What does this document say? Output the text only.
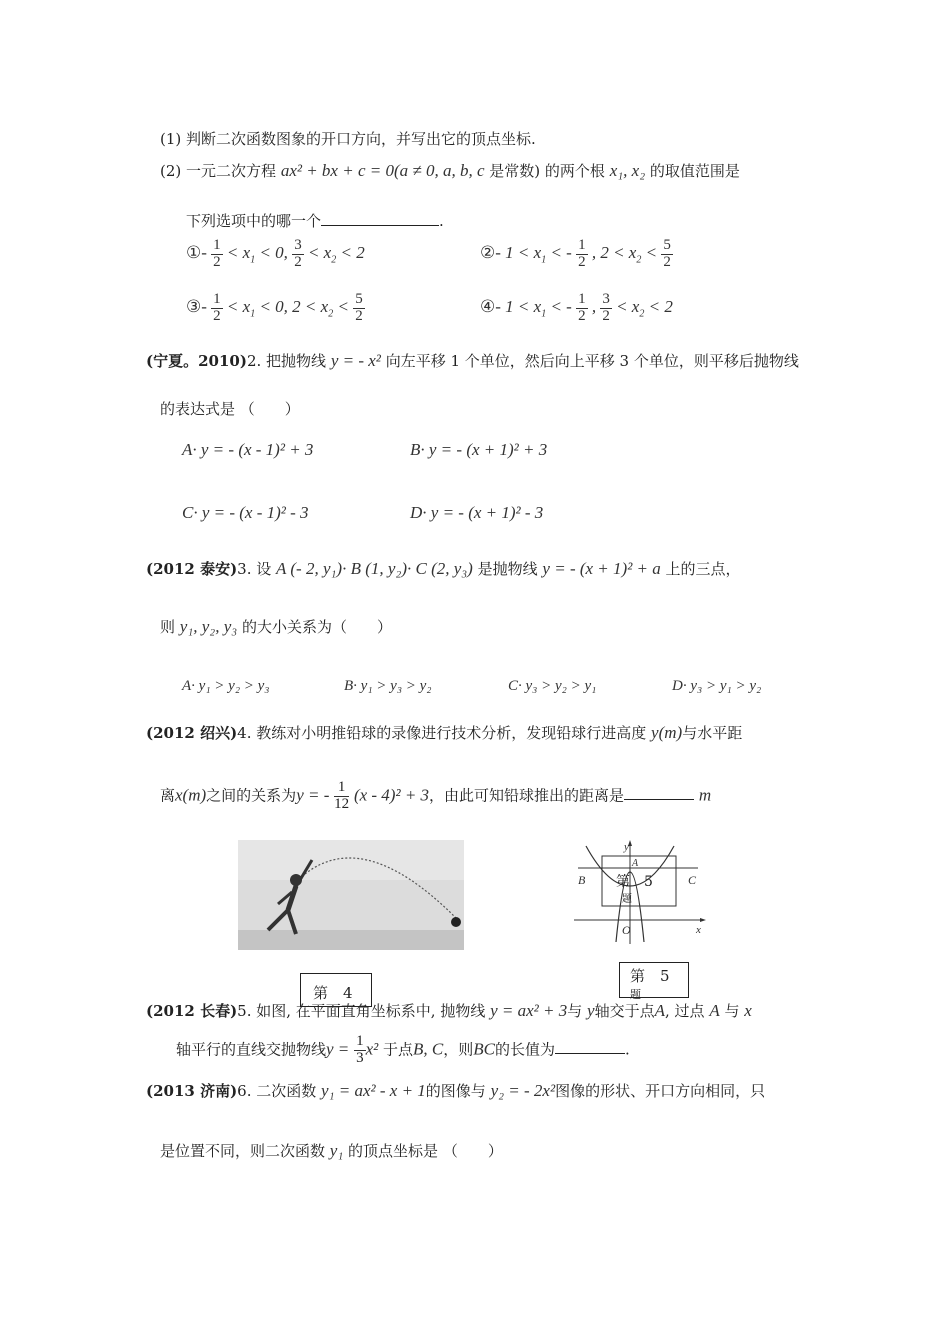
(1) 判断二次函数图象的开口方向，并写出它的顶点坐标.
(2) 一元二次方程 ax² + bx + c = 0(a ≠ 0, a, b, c 是常数) 的两个根 x₁, x₂ 的取值范围是
下列选项中的哪一个	.
①- $\frac{1}{2} < x_1 < 0$, $\frac{3}{2} < x_2 < 2$	②- $1 < x_1$ < - $\frac{1}{2}$ , $2 < x_2 < \frac{5}{2}$
③- $\frac{1}{2} < x_1 < 0$, $2 < x_2 < \frac{5}{2}$	④- $1 < x_1$ < - $\frac{1}{2}$ , $\frac{3}{2} < x_2 < 2$
(宁夏。2010)2. 把抛物线 y = - x² 向左平移 1 个单位，然后向上平移 3 个单位，则平移后抛物线
的表达式是 （　　）
A· y = - (x - 1)² + 3	B· y = - (x + 1)² + 3
C· y = - (x - 1)² - 3	D· y = - (x + 1)² - 3
(2012 泰安)3. 设 A (- 2, y₁)· B (1, y₂)· C (2, y₃) 是抛物线 y = - (x + 1)² + a 上的三点，
则 y₁, y₂, y₃ 的大小关系为（　　）
A· y₁ > y₂ > y₃	B· y₁ > y₃ > y₂	C· y₃ > y₂ > y₁	D· y₃ > y₁ > y₂
(2012 绍兴)4. 教练对小明推铅球的录像进行技术分析，发现铅球行进高度 y(m)与水平距
离x(m)之间的关系为y = - $\frac{1}{12} (x - 4)^2 + 3$，由此可知铅球推出的距离是	m
第　4
B	C
A
O	x
y
第　5
题
第　5
题
(2012 长春)5. 如图, 在平面直角坐标系中, 抛物线 y = ax² + 3与 y轴交于点A, 过点 A 与 x
轴平行的直线交抛物线$y = \frac{1}{3} x^2$ 于点B, C，则BC的长值为	.
(2013 济南)6. 二次函数 y₁ = ax² - x + 1的图像与 y₂ = - 2x²图像的形状、开口方向相同，只
是位置不同，则二次函数 y₁ 的顶点坐标是 （　　）
